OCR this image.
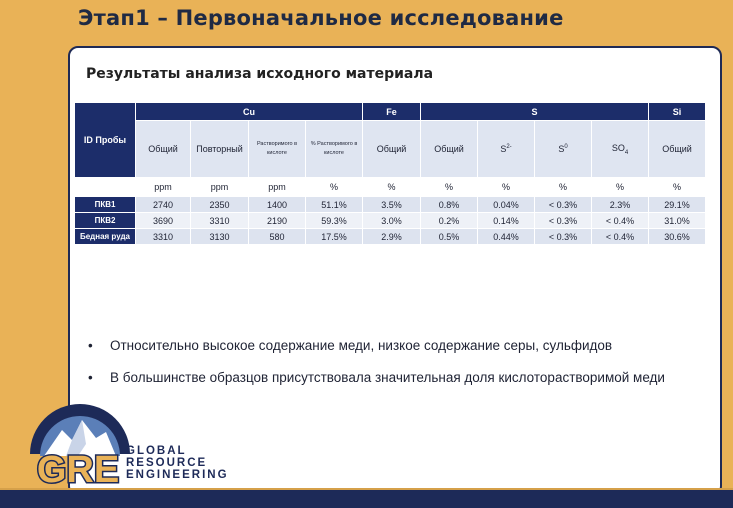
Этап1 – Первоначальное исследование
Результаты анализа исходного материала
ID Пробы	Cu				Fe	S				Si
	Общий	Повторный	Растворимого в кислоте	% Растворимого в кислоте	Общий	Общий	$S^{2-}$	$S^0$	$SO_4$	Общий
	ppm	ppm	ppm	%	%	%	%	%	%	%
ПКВ1	2740	2350	1400	51.1%	3.5%	0.8%	0.04%	< 0.3%	2.3%	29.1%
ПКВ2	3690	3310	2190	59.3%	3.0%	0.2%	0.14%	< 0.3%	< 0.4%	31.0%
Бедная руда	3310	3130	580	17.5%	2.9%	0.5%	0.44%	< 0.3%	< 0.4%	30.6%
• Относительно высокое содержание меди, низкое содержание серы, сульфидов
• В большинстве образцов присутствовала значительная доля кислоторастворимой меди
GRE GLOBAL
RESOURCE
ENGINEERING
